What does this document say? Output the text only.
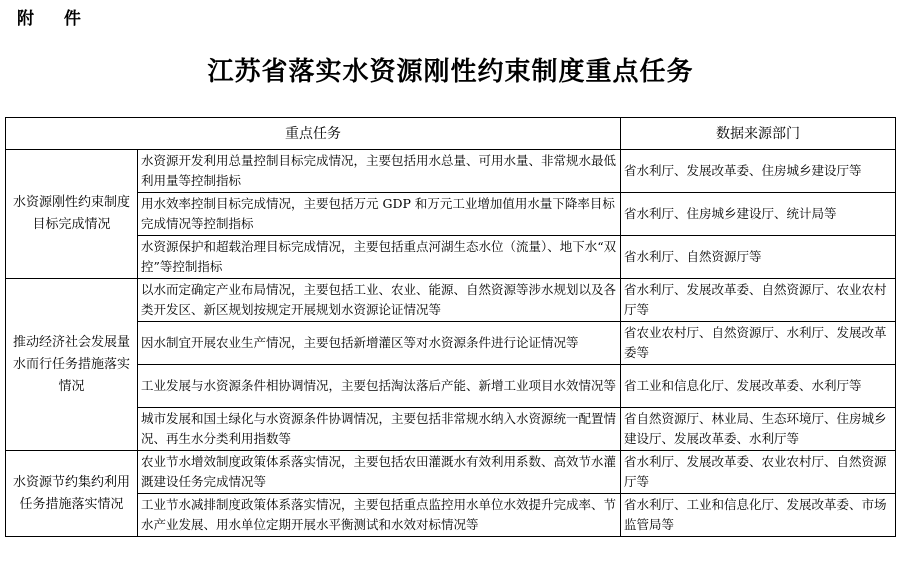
附 件
江苏省落实水资源刚性约束制度重点任务
重点任务		数据来源部门
水资源刚性约束制度目标完成情况	水资源开发利用总量控制目标完成情况，主要包括用水总量、可用水量、非常规水最低利用量等控制指标	省水利厅、发展改革委、住房城乡建设厅等
	用水效率控制目标完成情况，主要包括万元 GDP 和万元工业增加值用水量下降率目标完成情况等控制指标	省水利厅、住房城乡建设厅、统计局等
	水资源保护和超载治理目标完成情况，主要包括重点河湖生态水位（流量）、地下水“双控”等控制指标	省水利厅、自然资源厅等
推动经济社会发展量水而行任务措施落实情况	以水而定确定产业布局情况，主要包括工业、农业、能源、自然资源等涉水规划以及各类开发区、新区规划按规定开展规划水资源论证情况等	省水利厅、发展改革委、自然资源厅、农业农村厅等
	因水制宜开展农业生产情况，主要包括新增灌区等对水资源条件进行论证情况等	省农业农村厅、自然资源厅、水利厅、发展改革委等
	工业发展与水资源条件相协调情况，主要包括淘汰落后产能、新增工业项目水效情况等	省工业和信息化厅、发展改革委、水利厅等
	城市发展和国土绿化与水资源条件协调情况，主要包括非常规水纳入水资源统一配置情况、再生水分类利用指数等	省自然资源厅、林业局、生态环境厅、住房城乡建设厅、发展改革委、水利厅等
水资源节约集约利用任务措施落实情况	农业节水增效制度政策体系落实情况，主要包括农田灌溉水有效利用系数、高效节水灌溉建设任务完成情况等	省水利厅、发展改革委、农业农村厅、自然资源厅等
	工业节水减排制度政策体系落实情况，主要包括重点监控用水单位水效提升完成率、节水产业发展、用水单位定期开展水平衡测试和水效对标情况等	省水利厅、工业和信息化厅、发展改革委、市场监管局等
